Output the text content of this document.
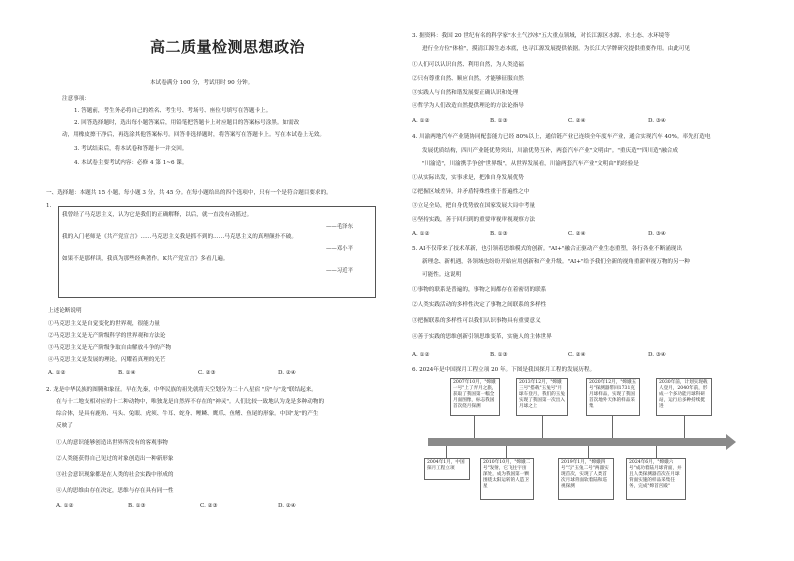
高二质量检测思想政治
本试卷满分 100 分，考试用时 90 分钟。
注意事项：
1. 答题前，考生务必将自己的姓名、考生号、考场号、座位号填写在答题卡上。
2. 回答选择题时，选出每小题答案后，用铅笔把答题卡上对应题目的答案标号涂黑。如需改
动，用橡皮擦干净后，再选涂其他答案标号。回答非选择题时，将答案写在答题卡上。写在本试卷上无效。
3. 考试结束后，将本试卷和答题卡一并交回。
4. 本试卷主要考试内容：必修 4 第 1~6 课。
一、选择题：本题共 15 小题，每小题 3 分，共 45 分。在每小题给出的四个选项中，只有一个是符合题目要求的。
1.
我曾经了马克思主义，认为它是我们的正确解释，以后，就一直没有动摇过。
——毛泽东
我的入门老师是《共产党宣言》……马克思主义我是抓不到的……马克思主义的真理颠扑不破。
——邓小平
如果不是那样读，我真为那些经典著作。K共产党宣言》多看几遍。
——习近平
上述论断说明
①马克思主义是自觉变化的世界观，很能力量
②马克思主义是无产阶级科学的世界观和方法论
③马克思主义是无产阶级争取自由解放斗争的产物
④马克思主义是发展的理论，闪耀着真理的光芒
A. ①②	B. ①④	C. ②③	D. ②④
2. 龙是中华民族的图腾和象征。早在先秦，中华民族的祖先就将天空划分为二十八星宿 "房"与"龙"联结起来。
在与十二地支相对应的十二种动物中，唯独龙是自然界不存在的"神灵"。人们比较一致地认为龙是多种动物的
综合体，是具有鹿角、马头、兔眼、虎须、牛耳、蛇身、鲤鳞、鹰爪、鱼鳍、鱼尾的形象。中国"龙"的产生
反映了
①人的意识能够创造出世界所没有的客观事物
②人类能获得自己见过的对象创造出一种新形象
③社会意识现象都是在人类的社会实践中形成的
④人的思维由存在决定，思维与存在具有同一性
A. ①②	B. ①③	C. ②③	D. ②④
3. 据资料：我国 20 世纪有名的科学家"水土气沙冰"五大重点领域，对长江源区水源、水土态、水环境等
进行全方位"体检"，摸清江源生态本底，也寻江源发展提供依据。为长江大学牌研究提供重要作用。由此可见
①人们可以认识自然、利用自然，为人类造福
②只有尊重自然、顺应自然，才能够征服自然
③实践人与自然和谐发展要正确认识和处理
④哲学为人们改造自然提供理论的方法论指导
A. ①②	B. ①③	C. ②④	D. ③④
4. 川渝两地汽车产业链协同配套能力已经 80%以上，通信链产业已连续全年度车产业，通合实现汽车 40%。率先打造电
发展优质结构，四川产业链优势突出，川渝优势互补，两套汽车产业"文明由"。"重庆造""四川造"融合成
"川渝造"，川渝携手争创"世界级"，从世界发展看，川渝两套汽车产业"文明由"的经验是
①从实际出发，实事求是，把准自身发展优势
②把握区域差异，并矛盾特殊性重于普遍性之中
③立足全局，把自身优势放在国家发展大局中考量
④坚持实践，善于回归到的重要审视审视观察方法
A. ①②	B. ①③	C. ②④	D. ③④
5. AI不仅带来了技术革新，也引领着思维模式的创新。"AI+"融合正驱动产业生态重塑，各行各业不断涌现出
新理念、新机遇，各领域也纷纷开始应用创新和产业升级。"AI+"给予我们全新的视角重新审视万物的另一种
可能性。这说明
①事物的联系是普遍的，事物之间都存在着密切的联系
②人类实践活动的多样性决定了事物之间联系的多样性
③把握联系的多样性可以我们认识事物具有重要意义
④善于实践的思维创新引领思维变革，实施人的主体世界
A. ①②	B. ①③	C. ②④	D. ③④
6. 2024年是中国探月工程立项 20 年。下图是我国探月工程的发展历程。
2007年10月，"嫦娥一号"上了弄月之旅，获取了我国第一幅全月面图像，标志我国首次绕月探测
2013年12月，"嫦娥三号"搭载"玉兔号"月球车登月，我们的玉兔实现了我国第一次出入月球之上
2020年12月，"嫦娥五号"探测器带回1731克月球样品，实现了我国首次地外天体的样品采集
2030年前，计划实现载人登月，2040年前，形成一个多功能月球科研站，运行后多种持续挺进
2004年1月，中国探月工程立项
2010年10月，"嫦娥二号"发射，它飞往宇宙深处，成为我国第一颗围绕太阳运转的人造卫星
2019年1月，"嫦娥四号"与"玉兔二号"两器实现首次，实现了人类首次月球背面软着陆和巡视探测
2024年6月，"嫦娥六号"成功着陆月球背面，并且人类探测器首次在月球背面实施的样品采集任务，完成"嫦首宫殿"
